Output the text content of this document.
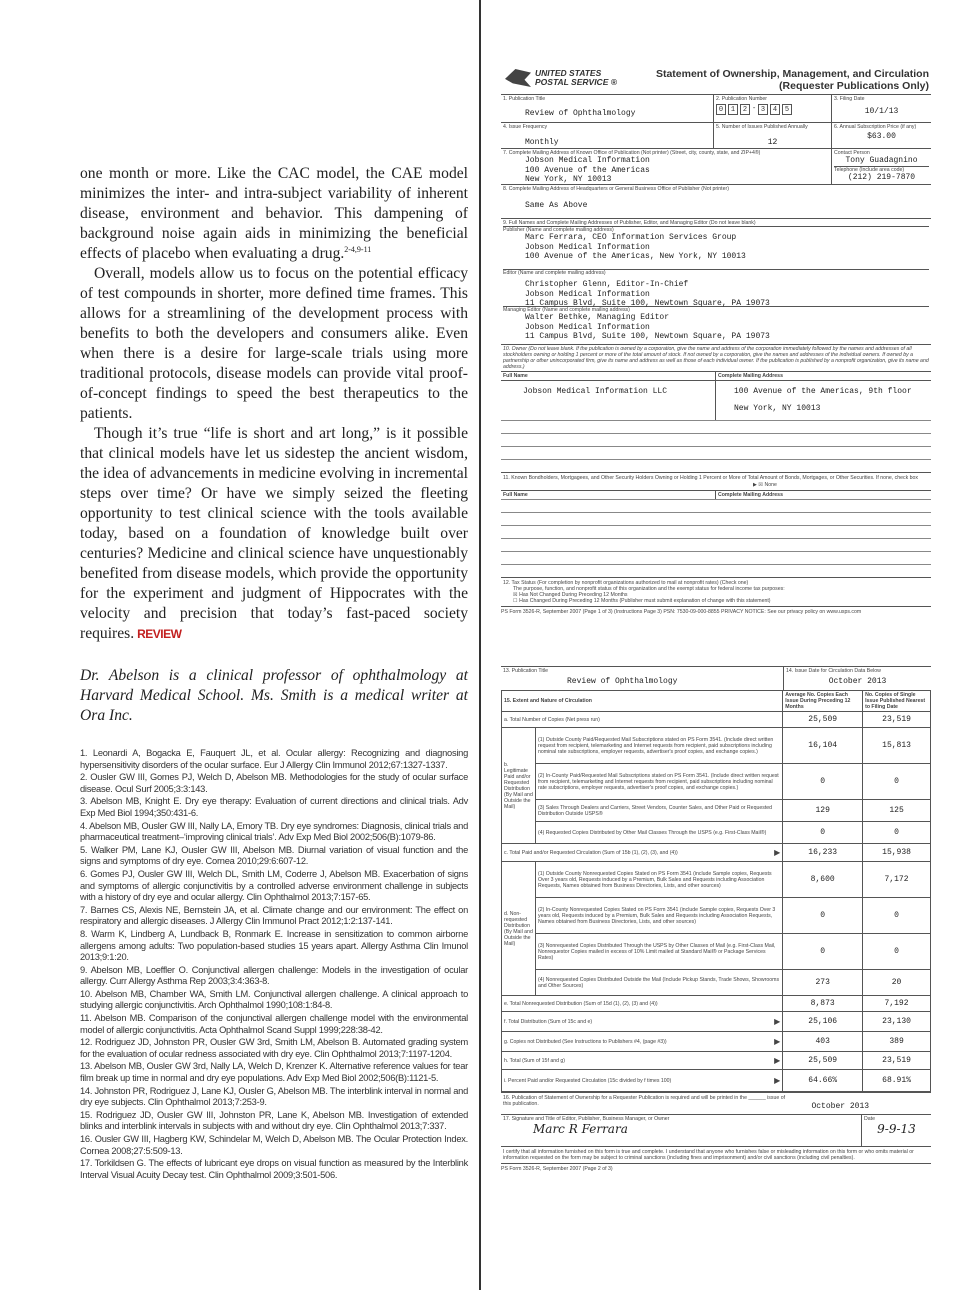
one month or more. Like the CAC model, the CAE model minimizes the inter- and intra-subject variability of inherent disease, environment and behavior. This dampening of background noise again aids in minimizing the beneficial effects of placebo when evaluating a drug.$^{2-4,9-11}$

Overall, models allow us to focus on the potential efficacy of test compounds in shorter, more defined time frames. This allows for a streamlining of the development process with benefits to both the developers and consumers alike. Even when there is a desire for large-scale trials using more traditional protocols, disease models can provide vital proof-of-concept findings to speed the best therapeutics to the patients.

Though it’s true “life is short and art long,” is it possible that clinical models have let us sidestep the ancient wisdom, the idea of advancements in medicine evolving in incremental steps over time? Or have we simply seized the fleeting opportunity to test clinical science with the tools available today, based on a foundation of knowledge built over centuries? Medicine and clinical science have unquestionably benefited from disease models, which provide the opportunity for the experiment and judgment of Hippocrates with the velocity and precision that today’s fast-paced society requires. REVIEW

Dr. Abelson is a clinical professor of ophthalmology at Harvard Medical School. Ms. Smith is a medical writer at Ora Inc.

1. Leonardi A, Bogacka E, Fauquert JL, et al. Ocular allergy: Recognizing and diagnosing hypersensitivity disorders of the ocular surface. Eur J Allergy Clin Immunol 2012;67:1327-1337.
2. Ousler GW III, Gomes PJ, Welch D, Abelson MB. Methodologies for the study of ocular surface disease. Ocul Surf 2005;3:3:143.
3. Abelson MB, Knight E. Dry eye therapy: Evaluation of current directions and clinical trials. Adv Exp Med Biol 1994;350:431-6.
4. Abelson MB, Ousler GW III, Nally LA, Emory TB. Dry eye syndromes: Diagnosis, clinical trials and pharmaceutical treatment–‘improving clinical trials’. Adv Exp Med Biol 2002;506(B):1079-86.
5. Walker PM, Lane KJ, Ousler GW III, Abelson MB. Diurnal variation of visual function and the signs and symptoms of dry eye. Cornea 2010;29:6:607-12.
6. Gomes PJ, Ousler GW III, Welch DL, Smith LM, Coderre J, Abelson MB. Exacerbation of signs and symptoms of allergic conjunctivitis by a controlled adverse environment challenge in subjects with a history of dry eye and ocular allergy. Clin Ophthalmol 2013;7:157-65.
7. Barnes CS, Alexis NE, Bernstein JA, et al. Climate change and our environment: The effect on respiratory and allergic diseases. J Allergy Clin Immunol Pract 2012;1:2:137-141.
8. Warm K, Lindberg A, Lundback B, Ronmark E. Increase in sensitization to common airborne allergens among adults: Two population-based studies 15 years apart. Allergy Asthma Clin Imunol 2013;9:1:20.
9. Abelson MB, Loeffler O. Conjunctival allergen challenge: Models in the investigation of ocular allergy. Curr Allergy Asthma Rep 2003;3:4:363-8.
10. Abelson MB, Chamber WA, Smith LM. Conjunctival allergen challenge. A clinical approach to studying allergic conjunctivitis. Arch Ophthalmol 1990;108:1:84-8.
11. Abelson MB. Comparison of the conjunctival allergen challenge model with the environmental model of allergic conjunctivitis. Acta Ophthalmol Scand Suppl 1999;228:38-42.
12. Rodriguez JD, Johnston PR, Ousler GW 3rd, Smith LM, Abelson B. Automated grading system for the evaluation of ocular redness associated with dry eye. Clin Ophthalmol 2013;7:1197-1204.
13. Abelson MB, Ousler GW 3rd, Nally LA, Welch D, Krenzer K. Alternative reference values for tear film break up time in normal and dry eye populations. Adv Exp Med Biol 2002;506(B):1121-5.
14. Johnston PR, Rodriguez J, Lane KJ, Ousler G, Abelson MB. The interblink interval in normal and dry eye subjects. Clin Ophthalmol 2013;7:253-9.
15. Rodriguez JD, Ousler GW III, Johnston PR, Lane K, Abelson MB. Investigation of extended blinks and interblink intervals in subjects with and without dry eye. Clin Ophthalmol 2013;7:337.
16. Ousler GW III, Hagberg KW, Schindelar M, Welch D, Abelson MB. The Ocular Protection Index. Cornea 2008;27:5:509-13.
17. Torkildsen G. The effects of lubricant eye drops on visual function as measured by the Interblink Interval Visual Acuity Decay test. Clin Ophthalmol 2009;3:501-506.
UNITED STATES
POSTAL SERVICE ®
Statement of Ownership, Management, and Circulation
(Requester Publications Only)
1. Publication Title
Review of Ophthalmology
2. Publication Number
0	1	2 - 3	4	5
3. Filing Date
10/1/13
4. Issue Frequency
Monthly
5. Number of Issues Published Annually
12
6. Annual Subscription Price (if any)
$63.00
7. Complete Mailing Address of Known Office of Publication (Not printer) (Street, city, county, state, and ZIP+4®)
Jobson Medical Information
100 Avenue of the Americas
New York, NY 10013
Contact Person
Tony Guadagnino
Telephone (Include area code)
(212) 219-7870
8. Complete Mailing Address of Headquarters or General Business Office of Publisher (Not printer)
Same As Above
9. Full Names and Complete Mailing Addresses of Publisher, Editor, and Managing Editor (Do not leave blank)
Publisher (Name and complete mailing address)
Marc Ferrara, CEO Information Services Group
Jobson Medical Information
100 Avenue of the Americas, New York, NY 10013
Editor (Name and complete mailing address)
Christopher Glenn, Editor-In-Chief
Jobson Medical Information
11 Campus Blvd, Suite 100, Newtown Square, PA 19073
Managing Editor (Name and complete mailing address)
Walter Bethke, Managing Editor
Jobson Medical Information
11 Campus Blvd, Suite 100, Newtown Square, PA 19073
10. Owner (Do not leave blank. If the publication is owned by a corporation, give the name and address of the corporation immediately followed by the names and addresses of all stockholders owning or holding 1 percent or more of the total amount of stock. If not owned by a corporation, give the names and addresses of the individual owners. If owned by a partnership or other unincorporated firm, give its name and address as well as those of each individual owner. If the publication is published by a nonprofit organization, give its name and address.)
Full Name	Complete Mailing Address
Jobson Medical Information LLC	100 Avenue of the Americas, 9th floor
New York, NY 10013
11. Known Bondholders, Mortgagees, and Other Security Holders Owning or Holding 1 Percent or More of Total Amount of Bonds, Mortgages, or Other Securities. If none, check box
▶ ☒ None
Full Name	Complete Mailing Address
12. Tax Status (For completion by nonprofit organizations authorized to mail at nonprofit rates) (Check one)
The purpose, function, and nonprofit status of this organization and the exempt status for federal income tax purposes:
☒ Has Not Changed During Preceding 12 Months
☐ Has Changed During Preceding 12 Months (Publisher must submit explanation of change with this statement)
PS Form 3526-R, September 2007 (Page 1 of 3) (Instructions Page 3) PSN: 7530-09-000-8855 PRIVACY NOTICE: See our privacy policy on www.usps.com
13. Publication Title
Review of Ophthalmology
14. Issue Date for Circulation Data Below
October 2013
15. Extent and Nature of Circulation		Average No. Copies Each Issue During Preceding 12 Months	No. Copies of Single Issue Published Nearest to Filing Date
a. Total Number of Copies (Net press run)		25,509	23,519
b. Legitimate Paid and/or Requested Distribution (By Mail and Outside the Mail)	(1) Outside County Paid/Requested Mail Subscriptions stated on PS Form 3541. (Include direct written request from recipient, telemarketing and Internet requests from recipient, paid subscriptions including nominal rate subscriptions, employer requests, advertiser's proof copies, and exchange copies.)	16,104	15,813
	(2) In-County Paid/Requested Mail Subscriptions stated on PS Form 3541. (Include direct written request from recipient, telemarketing and Internet requests from recipient, paid subscriptions including nominal rate subscriptions, employer requests, advertiser's proof copies, and exchange copies.)	0	0
	(3) Sales Through Dealers and Carriers, Street Vendors, Counter Sales, and Other Paid or Requested Distribution Outside USPS®	129	125
	(4) Requested Copies Distributed by Other Mail Classes Through the USPS (e.g. First-Class Mail®)	0	0
c. Total Paid and/or Requested Circulation (Sum of 15b (1), (2), (3), and (4)) ▶		16,233	15,938
d. Non-requested Distribution (By Mail and Outside the Mail)	(1) Outside County Nonrequested Copies Stated on PS Form 3541 (include Sample copies, Requests Over 3 years old, Requests induced by a Premium, Bulk Sales and Requests including Association Requests, Names obtained from Business Directories, Lists, and other sources)	8,600	7,172
	(2) In-County Nonrequested Copies Stated on PS Form 3541 (include Sample copies, Requests Over 3 years old, Requests induced by a Premium, Bulk Sales and Requests including Association Requests, Names obtained from Business Directories, Lists, and other sources)	0	0
	(3) Nonrequested Copies Distributed Through the USPS by Other Classes of Mail (e.g. First-Class Mail, Nonrequestor Copies mailed in excess of 10% Limit mailed at Standard Mail® or Package Services Rates)	0	0
	(4) Nonrequested Copies Distributed Outside the Mail (Include Pickup Stands, Trade Shows, Showrooms and Other Sources)	273	20
e. Total Nonrequested Distribution (Sum of 15d (1), (2), (3) and (4))		8,873	7,192
f. Total Distribution (Sum of 15c and e) ▶		25,106	23,130
g. Copies not Distributed (See Instructions to Publishers #4, (page #3)) ▶		403	389
h. Total (Sum of 15f and g) ▶		25,509	23,519
i. Percent Paid and/or Requested Circulation (15c divided by f times 100) ▶		64.66%	68.91%
16. Publication of Statement of Ownership for a Requester Publication is required and will be printed in the ______ issue of this publication.	October 2013
17. Signature and Title of Editor, Publisher, Business Manager, or Owner
Marc R Ferrara
Date
9-9-13
I certify that all information furnished on this form is true and complete. I understand that anyone who furnishes false or misleading information on this form or who omits material or information requested on the form may be subject to criminal sanctions (including fines and imprisonment) and/or civil sanctions (including civil penalties).
PS Form 3526-R, September 2007 (Page 2 of 3)
